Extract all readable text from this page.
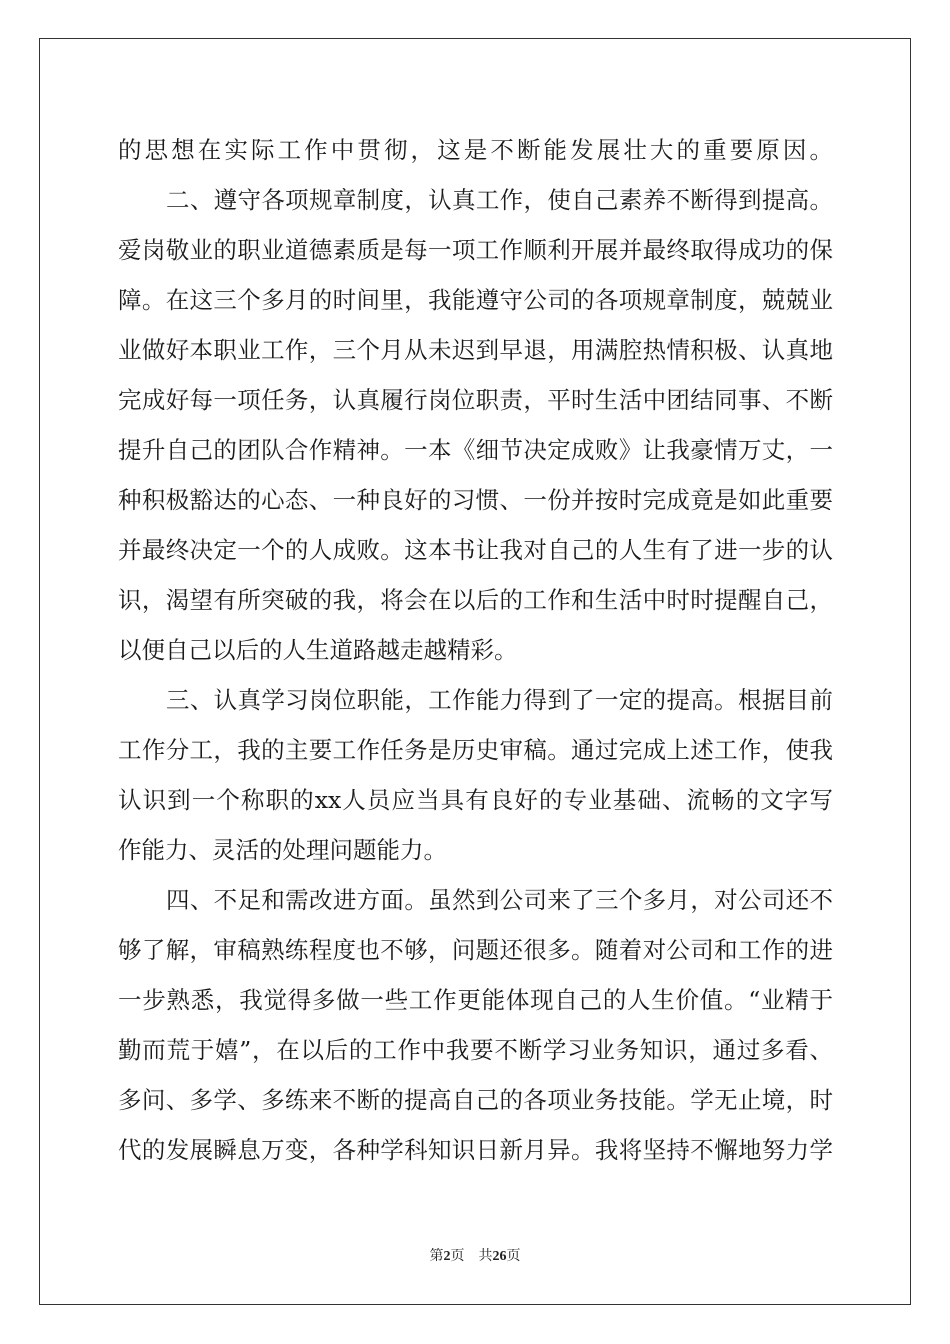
的思想在实际工作中贯彻，这是不断能发展壮大的重要原因。
二、遵守各项规章制度，认真工作，使自己素养不断得到提高。
爱岗敬业的职业道德素质是每一项工作顺利开展并最终取得成功的保
障。在这三个多月的时间里，我能遵守公司的各项规章制度，兢兢业
业做好本职业工作，三个月从未迟到早退，用满腔热情积极、认真地
完成好每一项任务，认真履行岗位职责，平时生活中团结同事、不断
提升自己的团队合作精神。一本《细节决定成败》让我豪情万丈，一
种积极豁达的心态、一种良好的习惯、一份并按时完成竟是如此重要
并最终决定一个的人成败。这本书让我对自己的人生有了进一步的认
识，渴望有所突破的我，将会在以后的工作和生活中时时提醒自己，
以便自己以后的人生道路越走越精彩。
三、认真学习岗位职能，工作能力得到了一定的提高。根据目前
工作分工，我的主要工作任务是历史审稿。通过完成上述工作，使我
认识到一个称职的xx人员应当具有良好的专业基础、流畅的文字写
作能力、灵活的处理问题能力。
四、不足和需改进方面。虽然到公司来了三个多月，对公司还不
够了解，审稿熟练程度也不够，问题还很多。随着对公司和工作的进
一步熟悉，我觉得多做一些工作更能体现自己的人生价值。“业精于
勤而荒于嬉”，在以后的工作中我要不断学习业务知识，通过多看、
多问、多学、多练来不断的提高自己的各项业务技能。学无止境，时
代的发展瞬息万变，各种学科知识日新月异。我将坚持不懈地努力学
第2页 共26页
